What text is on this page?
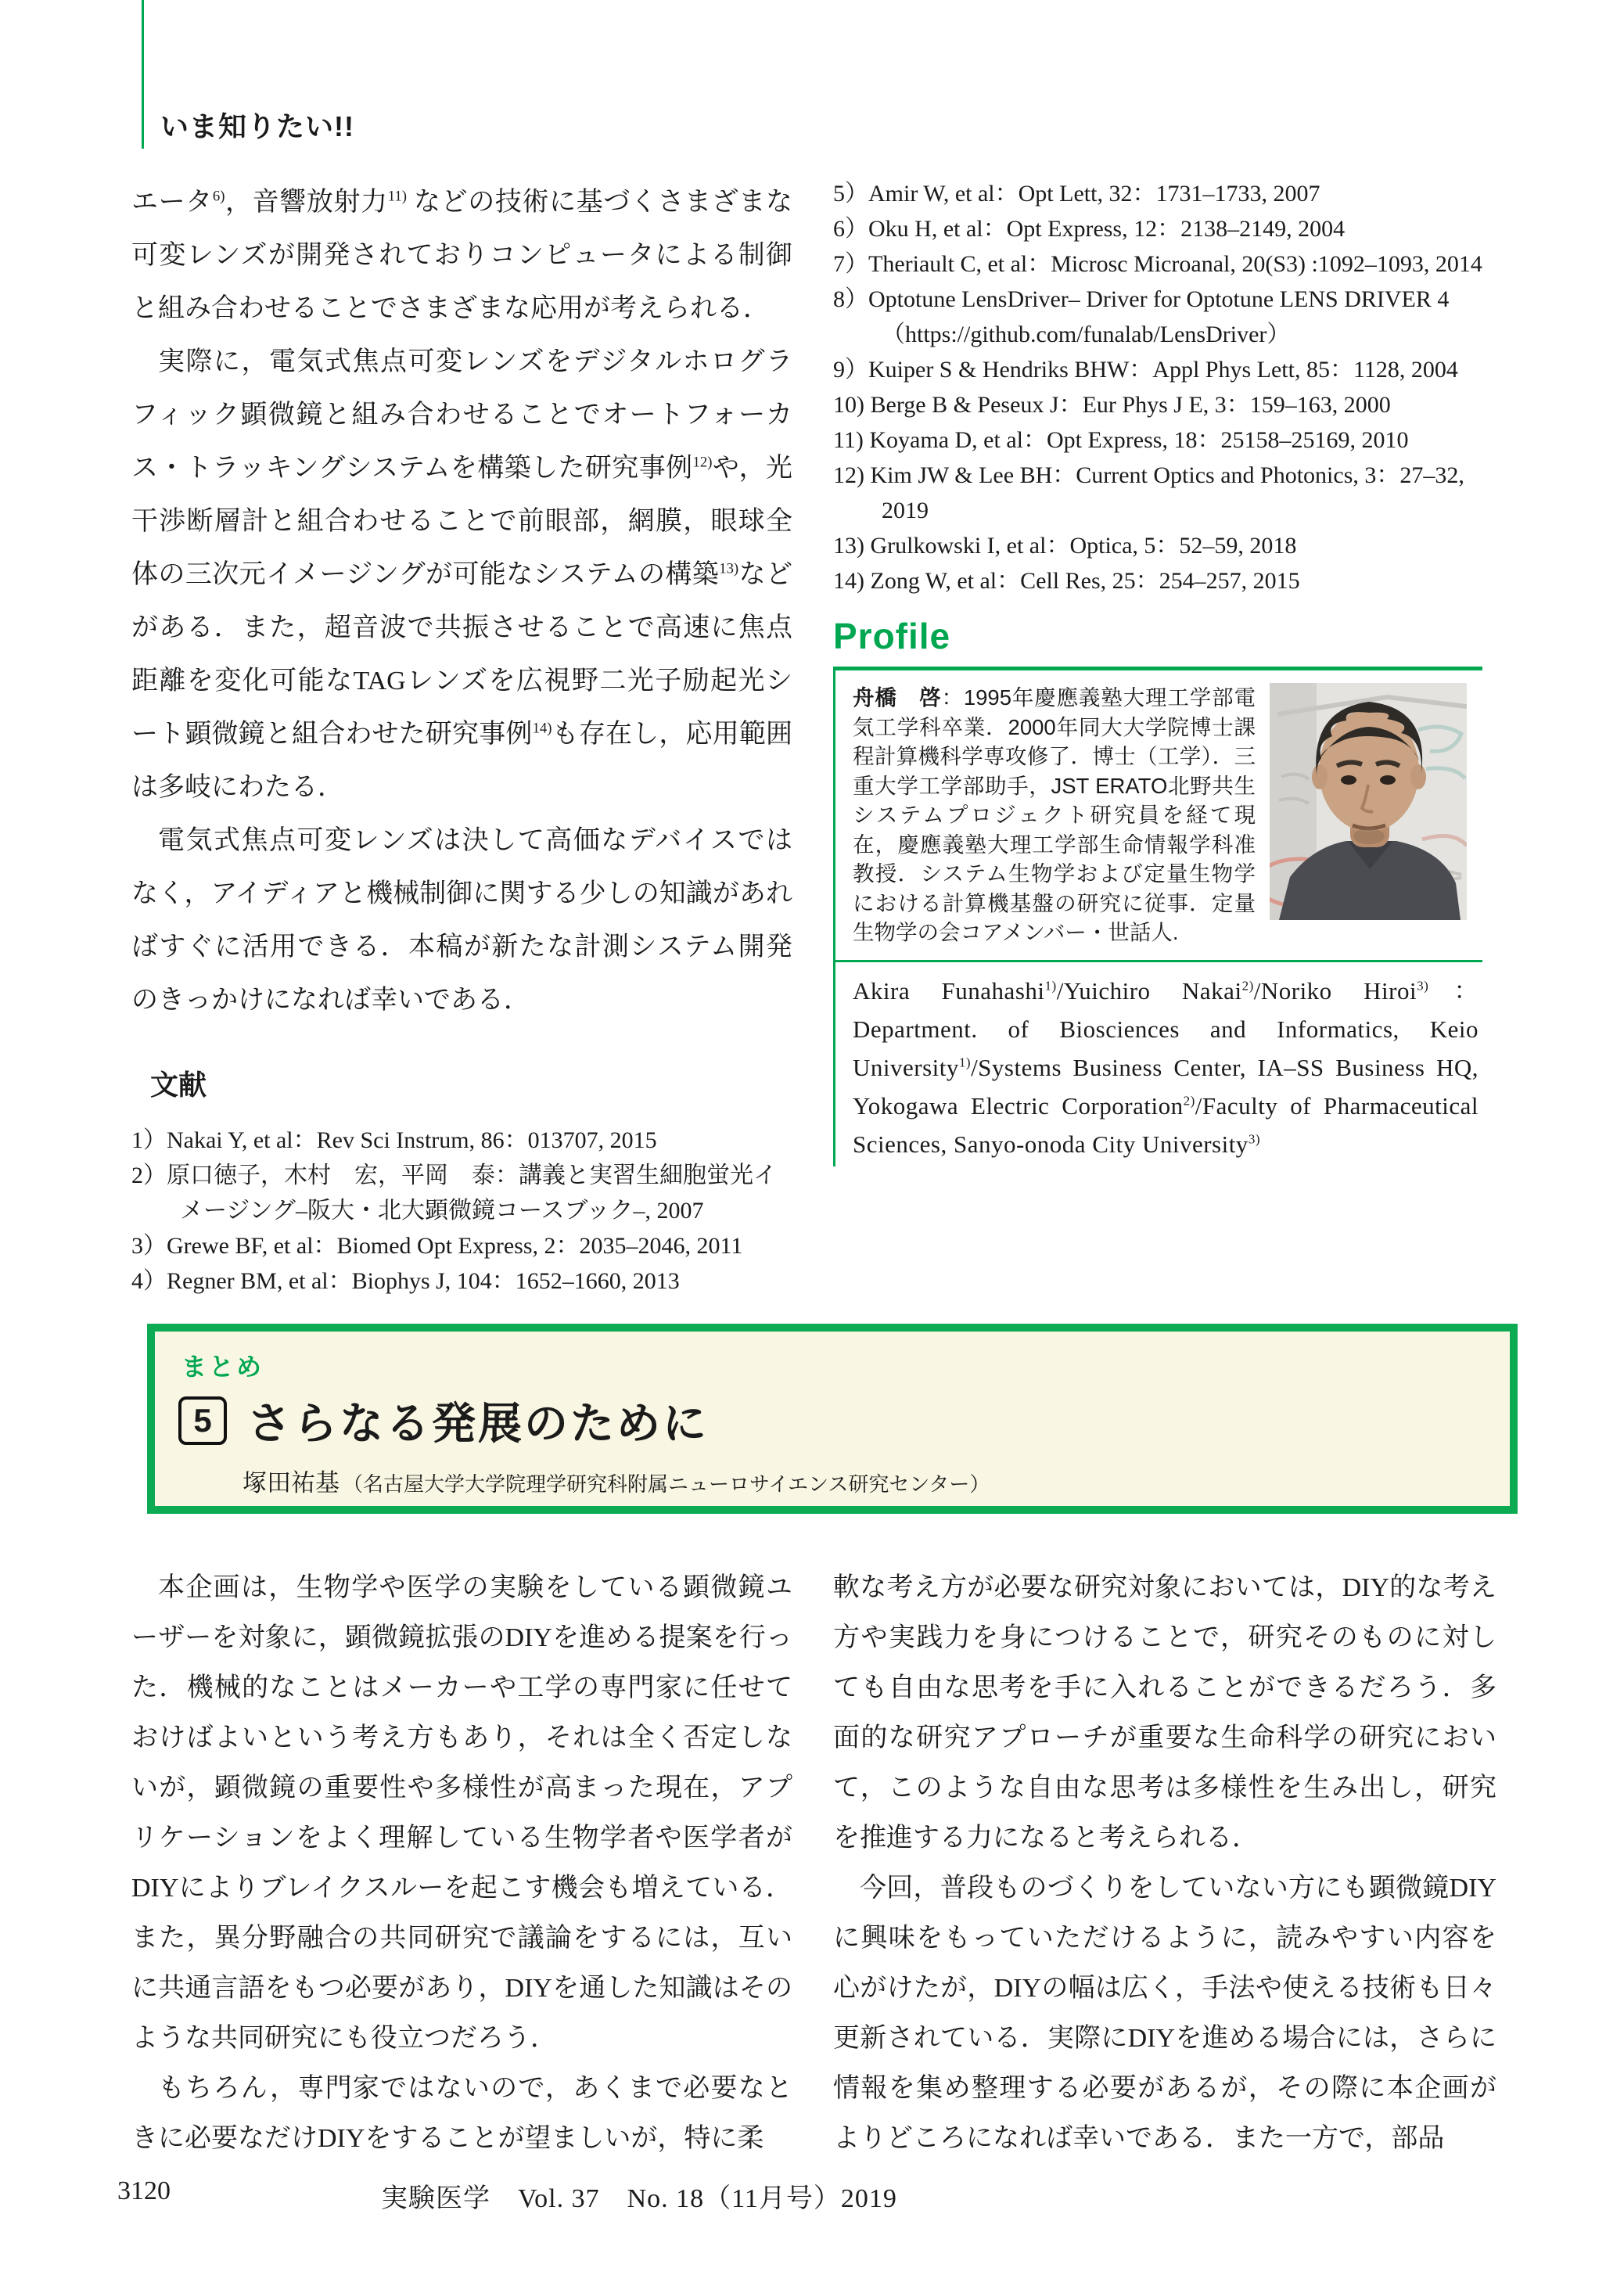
いま知りたい!!

エータ$^{6)}$，音響放射力$^{11)}$ などの技術に基づくさまざまな可変レンズが開発されておりコンピュータによる制御と組み合わせることでさまざまな応用が考えられる．

実際に，電気式焦点可変レンズをデジタルホログラフィック顕微鏡と組み合わせることでオートフォーカス・トラッキングシステムを構築した研究事例$^{12)}$や，光干渉断層計と組合わせることで前眼部，網膜，眼球全体の三次元イメージングが可能なシステムの構築$^{13)}$などがある．また，超音波で共振させることで高速に焦点距離を変化可能なTAGレンズを広視野二光子励起光シート顕微鏡と組合わせた研究事例$^{14)}$も存在し，応用範囲は多岐にわたる．

電気式焦点可変レンズは決して高価なデバイスではなく，アイディアと機械制御に関する少しの知識があればすぐに活用できる．本稿が新たな計測システム開発のきっかけになれば幸いである．

文献
1）Nakai Y, et al：Rev Sci Instrum, 86：013707, 2015
2）原口徳子，木村　宏，平岡　泰：講義と実習生細胞蛍光イメージング–阪大・北大顕微鏡コースブック–, 2007
3）Grewe BF, et al：Biomed Opt Express, 2：2035–2046, 2011
4）Regner BM, et al：Biophys J, 104：1652–1660, 2013
5）Amir W, et al：Opt Lett, 32：1731–1733, 2007
6）Oku H, et al：Opt Express, 12：2138–2149, 2004
7）Theriault C, et al：Microsc Microanal, 20(S3) :1092–1093, 2014
8）Optotune LensDriver– Driver for Optotune LENS DRIVER 4（https://github.com/funalab/LensDriver）
9）Kuiper S & Hendriks BHW：Appl Phys Lett, 85：1128, 2004
10) Berge B & Peseux J：Eur Phys J E, 3：159–163, 2000
11) Koyama D, et al：Opt Express, 18：25158–25169, 2010
12) Kim JW & Lee BH：Current Optics and Photonics, 3：27–32, 2019
13) Grulkowski I, et al：Optica, 5：52–59, 2018
14) Zong W, et al：Cell Res, 25：254–257, 2015
Profile
舟橋　啓：1995年慶應義塾大理工学部電気工学科卒業．2000年同大大学院博士課程計算機科学専攻修了．博士（工学）．三重大学工学部助手，JST ERATO北野共生システムプロジェクト研究員を経て現在，慶應義塾大理工学部生命情報学科准教授．システム生物学および定量生物学における計算機基盤の研究に従事．定量生物学の会コアメンバー・世話人.

Akira Funahashi$^{1)}$/Yuichiro Nakai$^{2)}$/Noriko Hiroi$^{3)}$：Department. of Biosciences and Informatics, Keio University$^{1)}$/Systems Business Center, IA–SS Business HQ, Yokogawa Electric Corporation$^{2)}$/Faculty of Pharmaceutical Sciences, Sanyo-onoda City University$^{3)}$

まとめ
5 さらなる発展のために
塚田祐基 （名古屋大学大学院理学研究科附属ニューロサイエンス研究センター）

本企画は，生物学や医学の実験をしている顕微鏡ユーザーを対象に，顕微鏡拡張のDIYを進める提案を行った．機械的なことはメーカーや工学の専門家に任せておけばよいという考え方もあり，それは全く否定しないが，顕微鏡の重要性や多様性が高まった現在，アプリケーションをよく理解している生物学者や医学者がDIYによりブレイクスルーを起こす機会も増えている．また，異分野融合の共同研究で議論をするには，互いに共通言語をもつ必要があり，DIYを通した知識はそのような共同研究にも役立つだろう．

もちろん，専門家ではないので，あくまで必要なときに必要なだけDIYをすることが望ましいが，特に柔

軟な考え方が必要な研究対象においては，DIY的な考え方や実践力を身につけることで，研究そのものに対しても自由な思考を手に入れることができるだろう．多面的な研究アプローチが重要な生命科学の研究において，このような自由な思考は多様性を生み出し，研究を推進する力になると考えられる．

今回，普段ものづくりをしていない方にも顕微鏡DIYに興味をもっていただけるように，読みやすい内容を心がけたが，DIYの幅は広く，手法や使える技術も日々更新されている．実際にDIYを進める場合には，さらに情報を集め整理する必要があるが，その際に本企画がよりどころになれば幸いである．また一方で，部品

3120	実験医学　Vol. 37　No. 18（11月号）2019
